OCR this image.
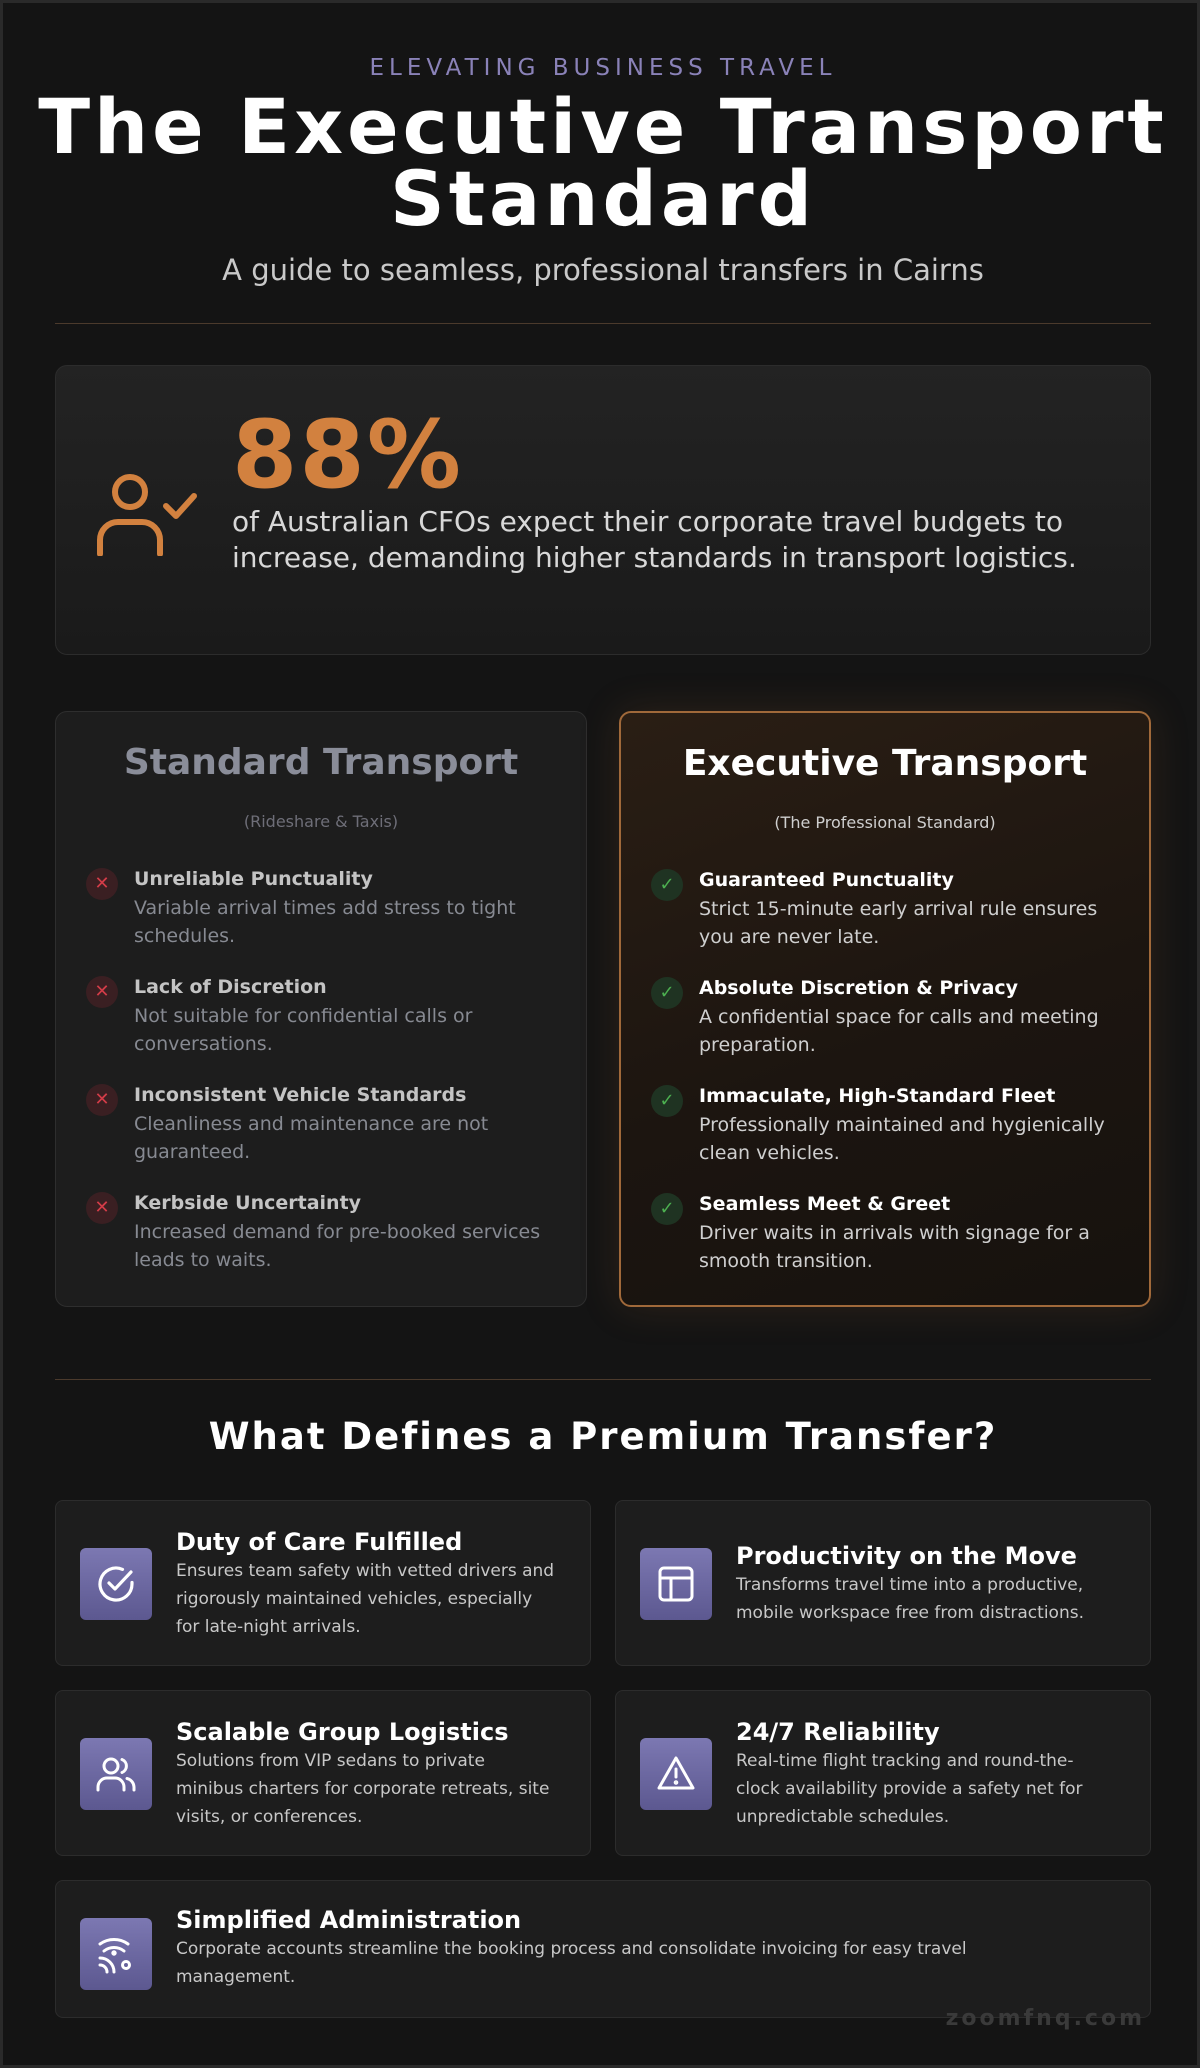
ELEVATING BUSINESS TRAVEL
The Executive Transport
Standard
A guide to seamless, professional transfers in Cairns
88%
of Australian CFOs expect their corporate travel budgets to increase, demanding higher standards in transport logistics.
Standard Transport
(Rideshare & Taxis)
✕	Unreliable Punctuality
Variable arrival times add stress to tight schedules.
✕	Lack of Discretion
Not suitable for confidential calls or conversations.
✕	Inconsistent Vehicle Standards
Cleanliness and maintenance are not guaranteed.
✕	Kerbside Uncertainty
Increased demand for pre-booked services leads to waits.
Executive Transport
(The Professional Standard)
✓	Guaranteed Punctuality
Strict 15-minute early arrival rule ensures you are never late.
✓	Absolute Discretion & Privacy
A confidential space for calls and meeting preparation.
✓	Immaculate, High-Standard Fleet
Professionally maintained and hygienically clean vehicles.
✓	Seamless Meet & Greet
Driver waits in arrivals with signage for a smooth transition.
What Defines a Premium Transfer?
Duty of Care Fulfilled
Ensures team safety with vetted drivers and rigorously maintained vehicles, especially for late-night arrivals.
Productivity on the Move
Transforms travel time into a productive, mobile workspace free from distractions.
Scalable Group Logistics
Solutions from VIP sedans to private minibus charters for corporate retreats, site visits, or conferences.
24/7 Reliability
Real-time flight tracking and round-the-clock availability provide a safety net for unpredictable schedules.
Simplified Administration
Corporate accounts streamline the booking process and consolidate invoicing for easy travel management.
zoomfnq.com
